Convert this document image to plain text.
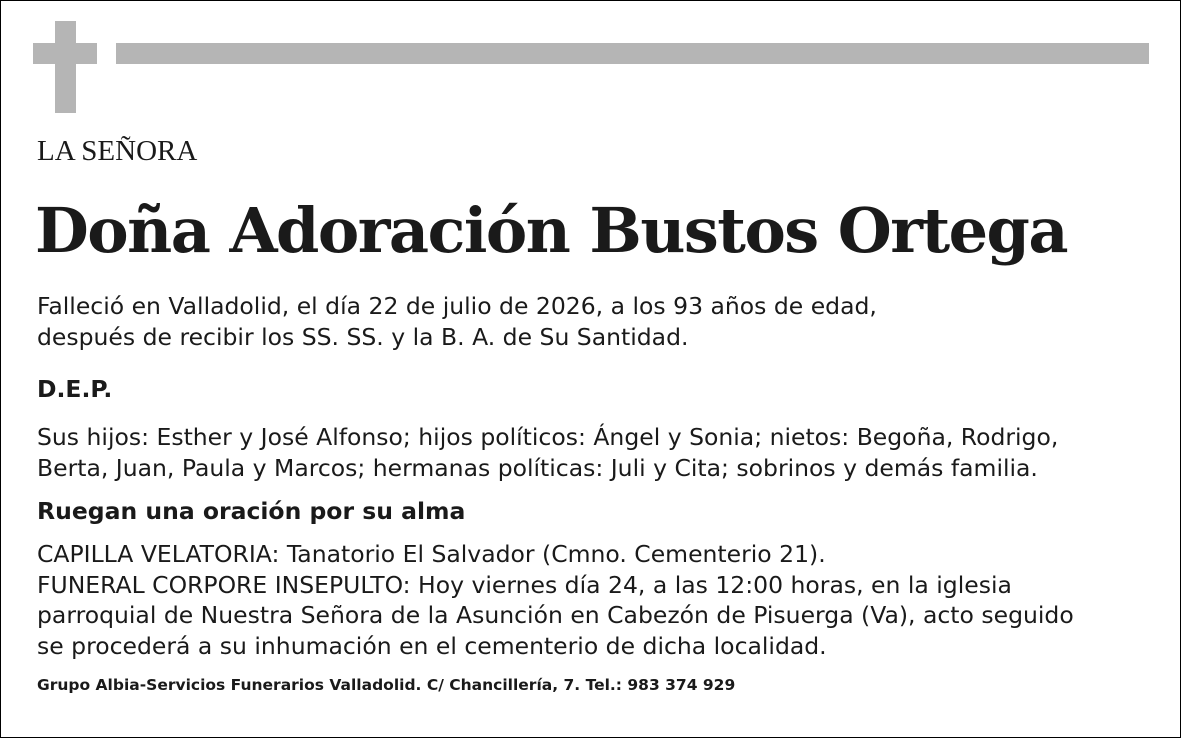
LA SEÑORA
Doña Adoración Bustos Ortega
Falleció en Valladolid, el día 22 de julio de 2026, a los 93 años de edad,
después de recibir los SS. SS. y la B. A. de Su Santidad.
D.E.P.
Sus hijos: Esther y José Alfonso; hijos políticos: Ángel y Sonia; nietos: Begoña, Rodrigo,
Berta, Juan, Paula y Marcos; hermanas políticas: Juli y Cita; sobrinos y demás familia.
Ruegan una oración por su alma
CAPILLA VELATORIA: Tanatorio El Salvador (Cmno. Cementerio 21).
FUNERAL CORPORE INSEPULTO: Hoy viernes día 24, a las 12:00 horas, en la iglesia
parroquial de Nuestra Señora de la Asunción en Cabezón de Pisuerga (Va), acto seguido
se procederá a su inhumación en el cementerio de dicha localidad.
Grupo Albia-Servicios Funerarios Valladolid. C/ Chancillería, 7. Tel.: 983 374 929
